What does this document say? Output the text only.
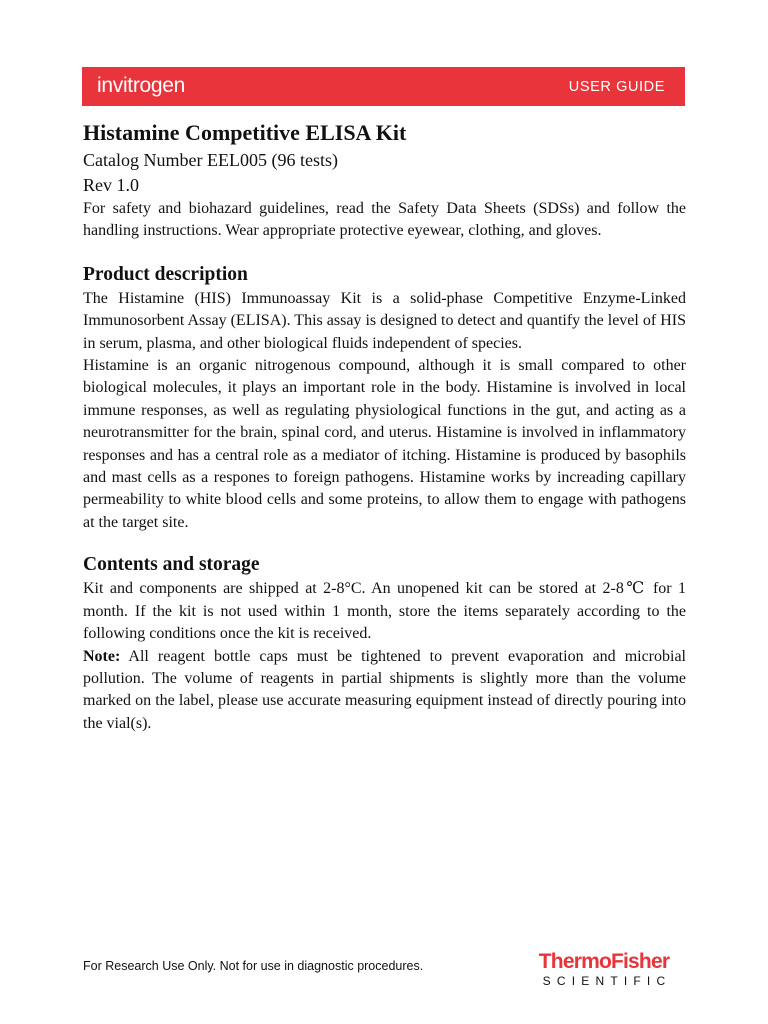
invitrogen	USER GUIDE
Histamine Competitive ELISA Kit

Catalog Number EEL005 (96 tests)

Rev 1.0

For safety and biohazard guidelines, read the Safety Data Sheets (SDSs) and follow the handling instructions. Wear appropriate protective eyewear, clothing, and gloves.

Product description

The Histamine (HIS) Immunoassay Kit is a solid-phase Competitive Enzyme-Linked Immunosorbent Assay (ELISA). This assay is designed to detect and quantify the level of HIS in serum, plasma, and other biological fluids independent of species.

Histamine is an organic nitrogenous compound, although it is small compared to other biological molecules, it plays an important role in the body. Histamine is involved in local immune responses, as well as regulating physiological functions in the gut, and acting as a neurotransmitter for the brain, spinal cord, and uterus. Histamine is involved in inflammatory responses and has a central role as a mediator of itching. Histamine is produced by basophils and mast cells as a respones to foreign pathogens. Histamine works by increading capillary permeability to white blood cells and some proteins, to allow them to engage with pathogens at the target site.

Contents and storage

Kit and components are shipped at 2-8°C. An unopened kit can be stored at 2-8℃ for 1 month. If the kit is not used within 1 month, store the items separately according to the following conditions once the kit is received.

Note: All reagent bottle caps must be tightened to prevent evaporation and microbial pollution. The volume of reagents in partial shipments is slightly more than the volume marked on the label, please use accurate measuring equipment instead of directly pouring into the vial(s).

For Research Use Only. Not for use in diagnostic procedures.	ThermoFisher
SCIENTIFIC
